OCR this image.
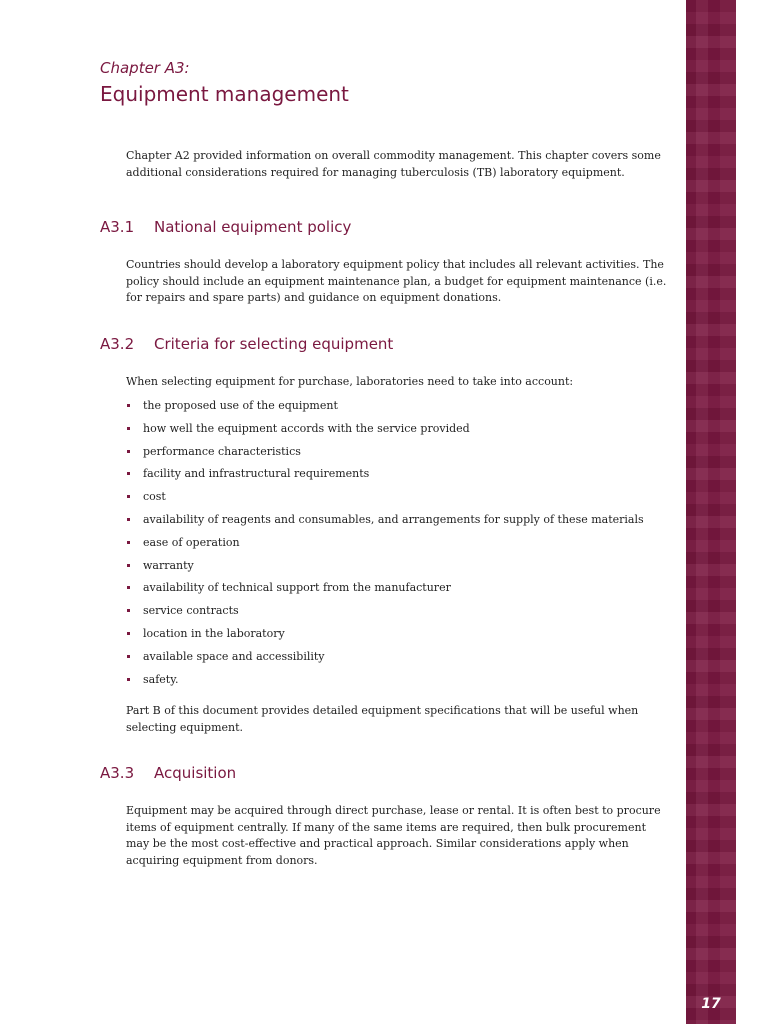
17
Chapter A3:
Equipment management

Chapter A2 provided information on overall commodity management. This chapter covers some additional considerations required for managing tuberculosis (TB) laboratory equipment.

A3.1 National equipment policy

Countries should develop a laboratory equipment policy that includes all relevant activities. The policy should include an equipment maintenance plan, a budget for equipment maintenance (i.e. for repairs and spare parts) and guidance on equipment donations.

A3.2 Criteria for selecting equipment

When selecting equipment for purchase, laboratories need to take into account:

the proposed use of the equipment
how well the equipment accords with the service provided
performance characteristics
facility and infrastructural requirements
cost
availability of reagents and consumables, and arrangements for supply of these materials
ease of operation
warranty
availability of technical support from the manufacturer
service contracts
location in the laboratory
available space and accessibility
safety.

Part B of this document provides detailed equipment specifications that will be useful when selecting equipment.

A3.3 Acquisition

Equipment may be acquired through direct purchase, lease or rental. It is often best to procure items of equipment centrally. If many of the same items are required, then bulk procurement may be the most cost-effective and practical approach. Similar considerations apply when acquiring equipment from donors.
